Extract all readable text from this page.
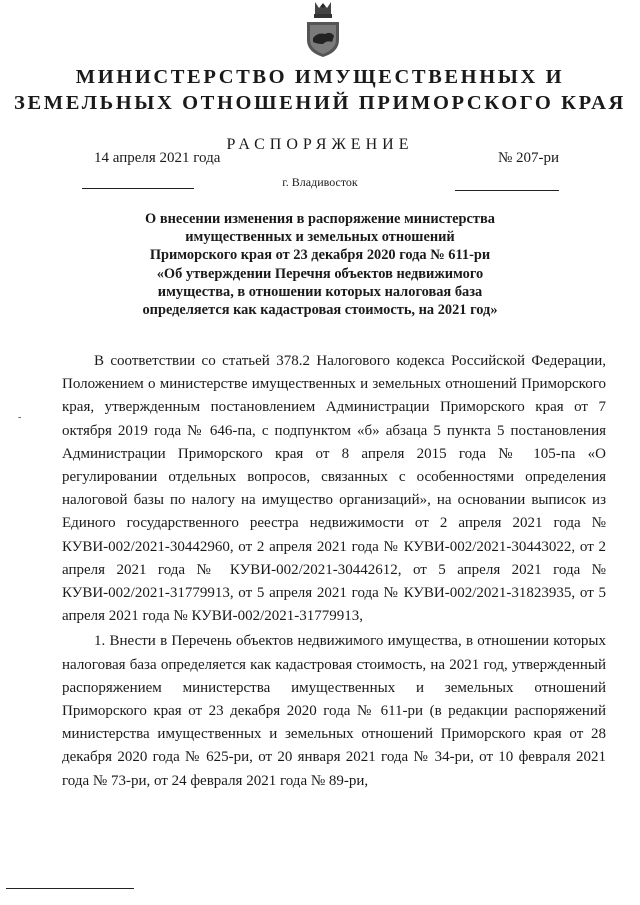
МИНИСТЕРСТВО ИМУЩЕСТВЕННЫХ И
ЗЕМЕЛЬНЫХ ОТНОШЕНИЙ ПРИМОРСКОГО КРАЯ
РАСПОРЯЖЕНИЕ
14 апреля 2021 года	№ 207-ри
г. Владивосток
О внесении изменения в распоряжение министерства
имущественных и земельных отношений
Приморского края от 23 декабря 2020 года № 611-ри
«Об утверждении Перечня объектов недвижимого
имущества, в отношении которых налоговая база
определяется как кадастровая стоимость, на 2021 год»
-

В соответствии со статьей 378.2 Налогового кодекса Российской Федерации, Положением о министерстве имущественных и земельных отношений Приморского края, утвержденным постановлением Администрации Приморского края от 7 октября 2019 года № 646-па, с подпунктом «б» абзаца 5 пункта 5 постановления Администрации Приморского края от 8 апреля 2015 года № 105-па «О регулировании отдельных вопросов, связанных с особенностями определения налоговой базы по налогу на имущество организаций», на основании выписок из Единого государственного реестра недвижимости от 2 апреля 2021 года № КУВИ-002/2021-30442960, от 2 апреля 2021 года № КУВИ-002/2021-30443022, от 2 апреля 2021 года № КУВИ-002/2021-30442612, от 5 апреля 2021 года № КУВИ-002/2021-31779913, от 5 апреля 2021 года № КУВИ-002/2021-31823935, от 5 апреля 2021 года № КУВИ-002/2021-31779913,

1. Внести в Перечень объектов недвижимого имущества, в отношении которых налоговая база определяется как кадастровая стоимость, на 2021 год, утвержденный распоряжением министерства имущественных и земельных отношений Приморского края от 23 декабря 2020 года № 611-ри (в редакции распоряжений министерства имущественных и земельных отношений Приморского края от 28 декабря 2020 года № 625-ри, от 20 января 2021 года № 34-ри, от 10 февраля 2021 года № 73-ри, от 24 февраля 2021 года № 89-ри,
